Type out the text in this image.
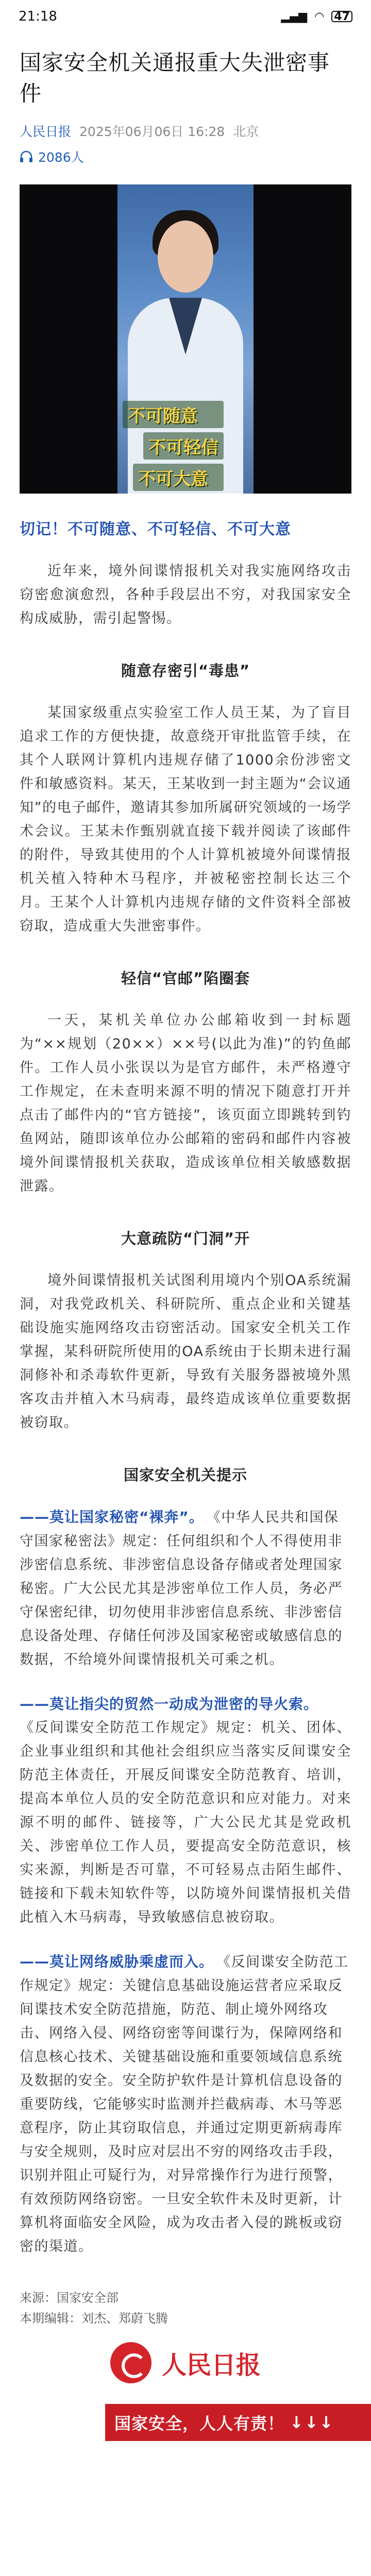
21:18	▂▄▆ ◠ 47
国家安全机关通报重大失泄密事件
人民日报 2025年06月06日 16:28 北京
2086人
不可随意
不可轻信
不可大意
切记！不可随意、不可轻信、不可大意

近年来，境外间谍情报机关对我实施网络攻击窃密愈演愈烈，各种手段层出不穷，对我国家安全构成威胁，需引起警惕。

随意存密引“毒患”

某国家级重点实验室工作人员王某，为了盲目追求工作的方便快捷，故意绕开审批监管手续，在其个人联网计算机内违规存储了1000余份涉密文件和敏感资料。某天，王某收到一封主题为“会议通知”的电子邮件，邀请其参加所属研究领域的一场学术会议。王某未作甄别就直接下载并阅读了该邮件的附件，导致其使用的个人计算机被境外间谍情报机关植入特种木马程序，并被秘密控制长达三个月。王某个人计算机内违规存储的文件资料全部被窃取，造成重大失泄密事件。

轻信“官邮”陷圈套

一天，某机关单位办公邮箱收到一封标题为“××规划（20××）××号(以此为准)”的钓鱼邮件。工作人员小张误以为是官方邮件，未严格遵守工作规定，在未查明来源不明的情况下随意打开并点击了邮件内的“官方链接”，该页面立即跳转到钓鱼网站，随即该单位办公邮箱的密码和邮件内容被境外间谍情报机关获取，造成该单位相关敏感数据泄露。

大意疏防“门洞”开

境外间谍情报机关试图利用境内个别OA系统漏洞，对我党政机关、科研院所、重点企业和关键基础设施实施网络攻击窃密活动。国家安全机关工作掌握，某科研院所使用的OA系统由于长期未进行漏洞修补和杀毒软件更新，导致有关服务器被境外黑客攻击并植入木马病毒，最终造成该单位重要数据被窃取。

国家安全机关提示
——莫让国家秘密“裸奔”。 《中华人民共和国保守国家秘密法》规定：任何组织和个人不得使用非涉密信息系统、非涉密信息设备存储或者处理国家秘密。广大公民尤其是涉密单位工作人员，务必严守保密纪律，切勿使用非涉密信息系统、非涉密信息设备处理、存储任何涉及国家秘密或敏感信息的数据，不给境外间谍情报机关可乘之机。
——莫让指尖的贸然一动成为泄密的导火索。
《反间谍安全防范工作规定》规定：机关、团体、企业事业组织和其他社会组织应当落实反间谍安全防范主体责任，开展反间谍安全防范教育、培训，提高本单位人员的安全防范意识和应对能力。对来源不明的邮件、链接等，广大公民尤其是党政机关、涉密单位工作人员，要提高安全防范意识，核实来源，判断是否可靠，不可轻易点击陌生邮件、链接和下载未知软件等，以防境外间谍情报机关借此植入木马病毒，导致敏感信息被窃取。
——莫让网络威胁乘虚而入。 《反间谍安全防范工作规定》规定：关键信息基础设施运营者应采取反间谍技术安全防范措施，防范、制止境外网络攻击、网络入侵、网络窃密等间谍行为，保障网络和信息核心技术、关键基础设施和重要领域信息系统及数据的安全。安全防护软件是计算机信息设备的重要防线，它能够实时监测并拦截病毒、木马等恶意程序，防止其窃取信息，并通过定期更新病毒库与安全规则，及时应对层出不穷的网络攻击手段，识别并阻止可疑行为，对异常操作行为进行预警，有效预防网络窃密。一旦安全软件未及时更新，计算机将面临安全风险，成为攻击者入侵的跳板或窃密的渠道。
来源：国家安全部
本期编辑：刘杰、郑蔚飞腾
人民日报
国家安全，人人有责！ ↓↓↓
